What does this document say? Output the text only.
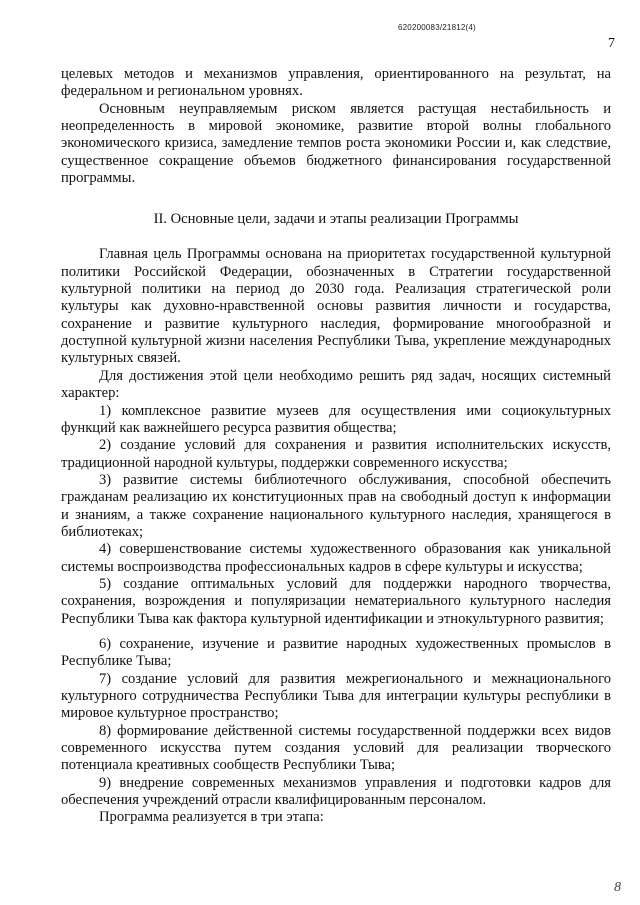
620200083/21812(4)
7

целевых методов и механизмов управления, ориентированного на результат, на федеральном и региональном уровнях.

Основным неуправляемым риском является растущая нестабильность и неопределенность в мировой экономике, развитие второй волны глобального экономического кризиса, замедление темпов роста экономики России и, как следствие, существенное сокращение объемов бюджетного финансирования государственной программы.

II. Основные цели, задачи и этапы реализации Программы

Главная цель Программы основана на приоритетах государственной культурной политики Российской Федерации, обозначенных в Стратегии государственной культурной политики на период до 2030 года. Реализация стратегической роли культуры как духовно-нравственной основы развития личности и государства, сохранение и развитие культурного наследия, формирование многообразной и доступной культурной жизни населения Республики Тыва, укрепление международных культурных связей.

Для достижения этой цели необходимо решить ряд задач, носящих системный характер:

1) комплексное развитие музеев для осуществления ими социокультурных функций как важнейшего ресурса развития общества;

2) создание условий для сохранения и развития исполнительских искусств, традиционной народной культуры, поддержки современного искусства;

3) развитие системы библиотечного обслуживания, способной обеспечить гражданам реализацию их конституционных прав на свободный доступ к информации и знаниям, а также сохранение национального культурного наследия, хранящегося в библиотеках;

4) совершенствование системы художественного образования как уникальной системы воспроизводства профессиональных кадров в сфере культуры и искусства;

5) создание оптимальных условий для поддержки народного творчества, сохранения, возрождения и популяризации нематериального культурного наследия Республики Тыва как фактора культурной идентификации и этнокультурного развития;

6) сохранение, изучение и развитие народных художественных промыслов в Республике Тыва;

7) создание условий для развития межрегионального и межнационального культурного сотрудничества Республики Тыва для интеграции культуры республики в мировое культурное пространство;

8) формирование действенной системы государственной поддержки всех видов современного искусства путем создания условий для реализации творческого потенциала креативных сообществ Республики Тыва;

9) внедрение современных механизмов управления и подготовки кадров для обеспечения учреждений отрасли квалифицированным персоналом.

Программа реализуется в три этапа:

8
